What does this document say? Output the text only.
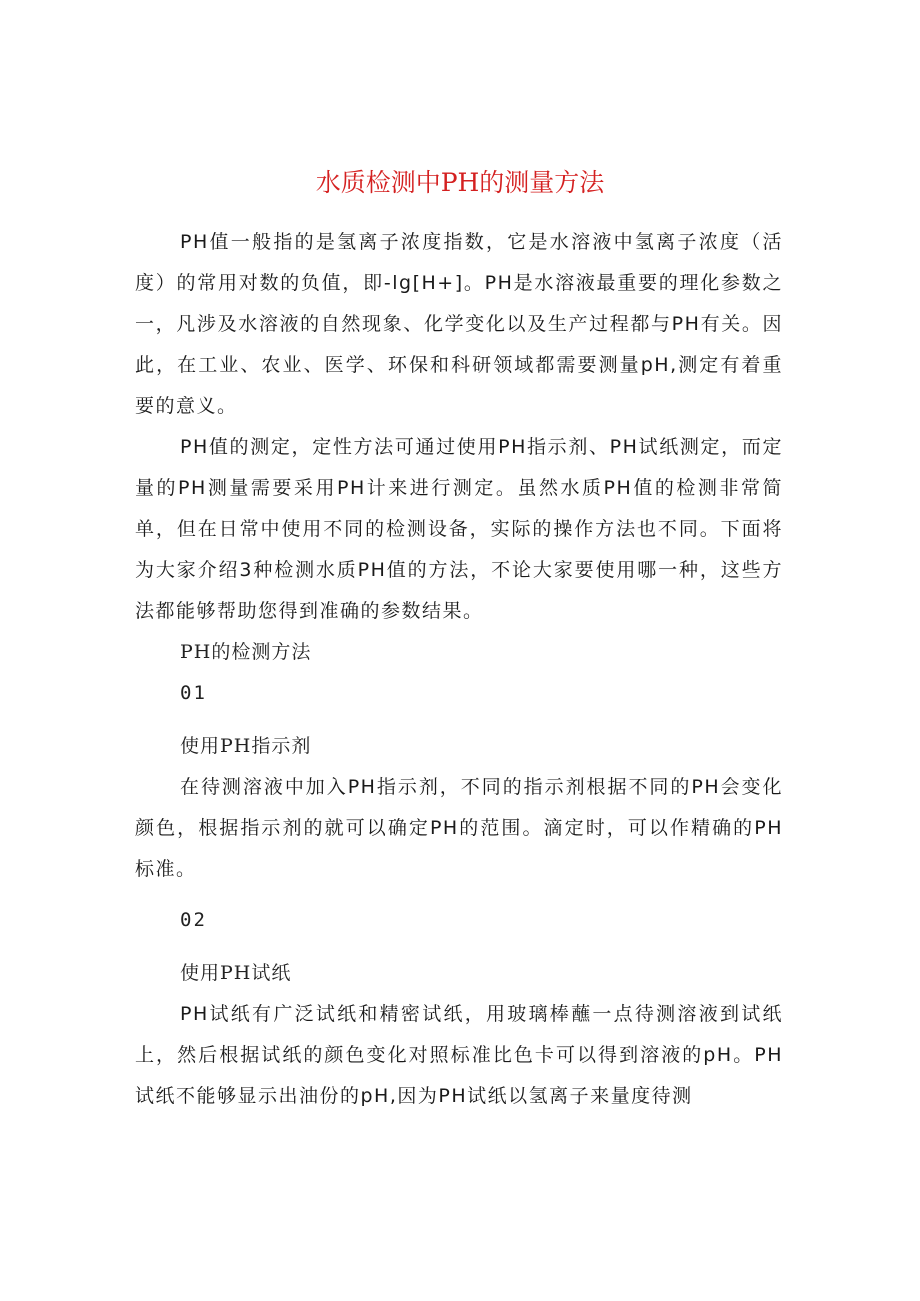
水质检测中PH的测量方法

PH值一般指的是氢离子浓度指数，它是水溶液中氢离子浓度（活度）的常用对数的负值，即-lg[H+]。PH是水溶液最重要的理化参数之一，凡涉及水溶液的自然现象、化学变化以及生产过程都与PH有关。因此，在工业、农业、医学、环保和科研领域都需要测量pH,测定有着重要的意义。

PH值的测定，定性方法可通过使用PH指示剂、PH试纸测定，而定量的PH测量需要采用PH计来进行测定。虽然水质PH值的检测非常简单，但在日常中使用不同的检测设备，实际的操作方法也不同。下面将为大家介绍3种检测水质PH值的方法，不论大家要使用哪一种，这些方法都能够帮助您得到准确的参数结果。

PH的检测方法

01

使用PH指示剂

在待测溶液中加入PH指示剂，不同的指示剂根据不同的PH会变化颜色，根据指示剂的就可以确定PH的范围。滴定时，可以作精确的PH标准。

02

使用PH试纸

PH试纸有广泛试纸和精密试纸，用玻璃棒蘸一点待测溶液到试纸上，然后根据试纸的颜色变化对照标准比色卡可以得到溶液的pH。PH试纸不能够显示出油份的pH,因为PH试纸以氢离子来量度待测
